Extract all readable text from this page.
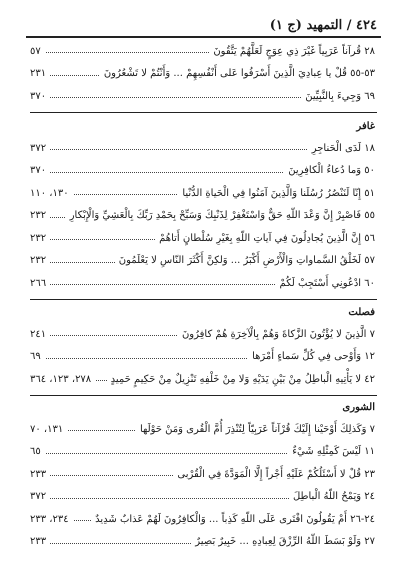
٤٢٤ / التمهيد (ج ١)
٢٨ قُرآناً عَرَبِياً غَيْرَ ذِي عِوَجٍ لَعَلَّهُمْ يَتَّقُونَ
٥٧
٥٣-٥٥ قُلْ يا عِبادِيَ الَّذِينَ أَسْرَفُوا عَلى أَنْفُسِهِمْ ... وَأَنْتُمْ لا تَشْعُرُونَ
٢٣١
٦٩ وَجِيءَ بِالنَّبِيِّينَ
٣٧٠
غافر
١٨ لَدَى الْحَناجِرِ
٣٧٢
٥٠ وَما دُعاءُ الْكافِرِينَ
٣٧٠
٥١ إِنّا لَنَنْصُرُ رُسُلَنا وَالَّذِينَ آمَنُوا فِي الْحَياةِ الدُّنْيا
١٣٠، ١١٠
٥٥ فَاصْبِرْ إِنَّ وَعْدَ اللّهِ حَقٌّ وَاسْتَغْفِرْ لِذَنْبِكَ وَسَبِّحْ بِحَمْدِ رَبِّكَ بِالْعَشِيِّ وَالْإِبْكارِ
٢٣٢
٥٦ إِنَّ الَّذِينَ يُجادِلُونَ فِي آياتِ اللّهِ بِغَيْرِ سُلْطانٍ أَتاهُمْ
٢٣٢
٥٧ لَخَلْقُ السَّماواتِ وَالْأَرْضِ أَكْبَرُ ... وَلكِنَّ أَكْثَرَ النّاسِ لا يَعْلَمُونَ
٢٣٢
٦٠ ادْعُونِي أَسْتَجِبْ لَكُمْ
٢٦٦
فصلت
٧ الَّذِينَ لا يُؤْتُونَ الزَّكاةَ وَهُمْ بِالْآخِرَةِ هُمْ كافِرُونَ
٢٤١
١٢ وَأَوْحى فِي كُلِّ سَماءٍ أَمْرَها
٦٩
٤٢ لا يَأْتِيهِ الْباطِلُ مِنْ بَيْنِ يَدَيْهِ وَلا مِنْ خَلْفِهِ تَنْزِيلٌ مِنْ حَكِيمٍ حَمِيدٍ
٢٧٨، ١٢٣، ٣٦٤
الشورى
٧ وَكَذلِكَ أَوْحَيْنا إِلَيْكَ قُرْآناً عَرَبِيّاً لِتُنْذِرَ أُمَّ الْقُرى وَمَنْ حَوْلَها
١٣١، ٧٠
١١ لَيْسَ كَمِثْلِهِ شَيْءٌ
٦٥
٢٣ قُلْ لا أَسْئَلُكُمْ عَلَيْهِ أَجْراً إِلَّا الْمَوَدَّةَ فِي الْقُرْبى
٢٣٣
٢٤ وَيَمْحُ اللّهُ الْباطِلَ
٣٧٢
٢٤-٢٦ أَمْ يَقُولُونَ افْتَرى عَلَى اللّهِ كَذِباً ... وَالْكافِرُونَ لَهُمْ عَذابٌ شَدِيدٌ
٢٣٤، ٢٣٣
٢٧ وَلَوْ بَسَطَ اللّهُ الرِّزْقَ لِعِبادِهِ ... خَبِيرٌ بَصِيرٌ
٢٣٣
